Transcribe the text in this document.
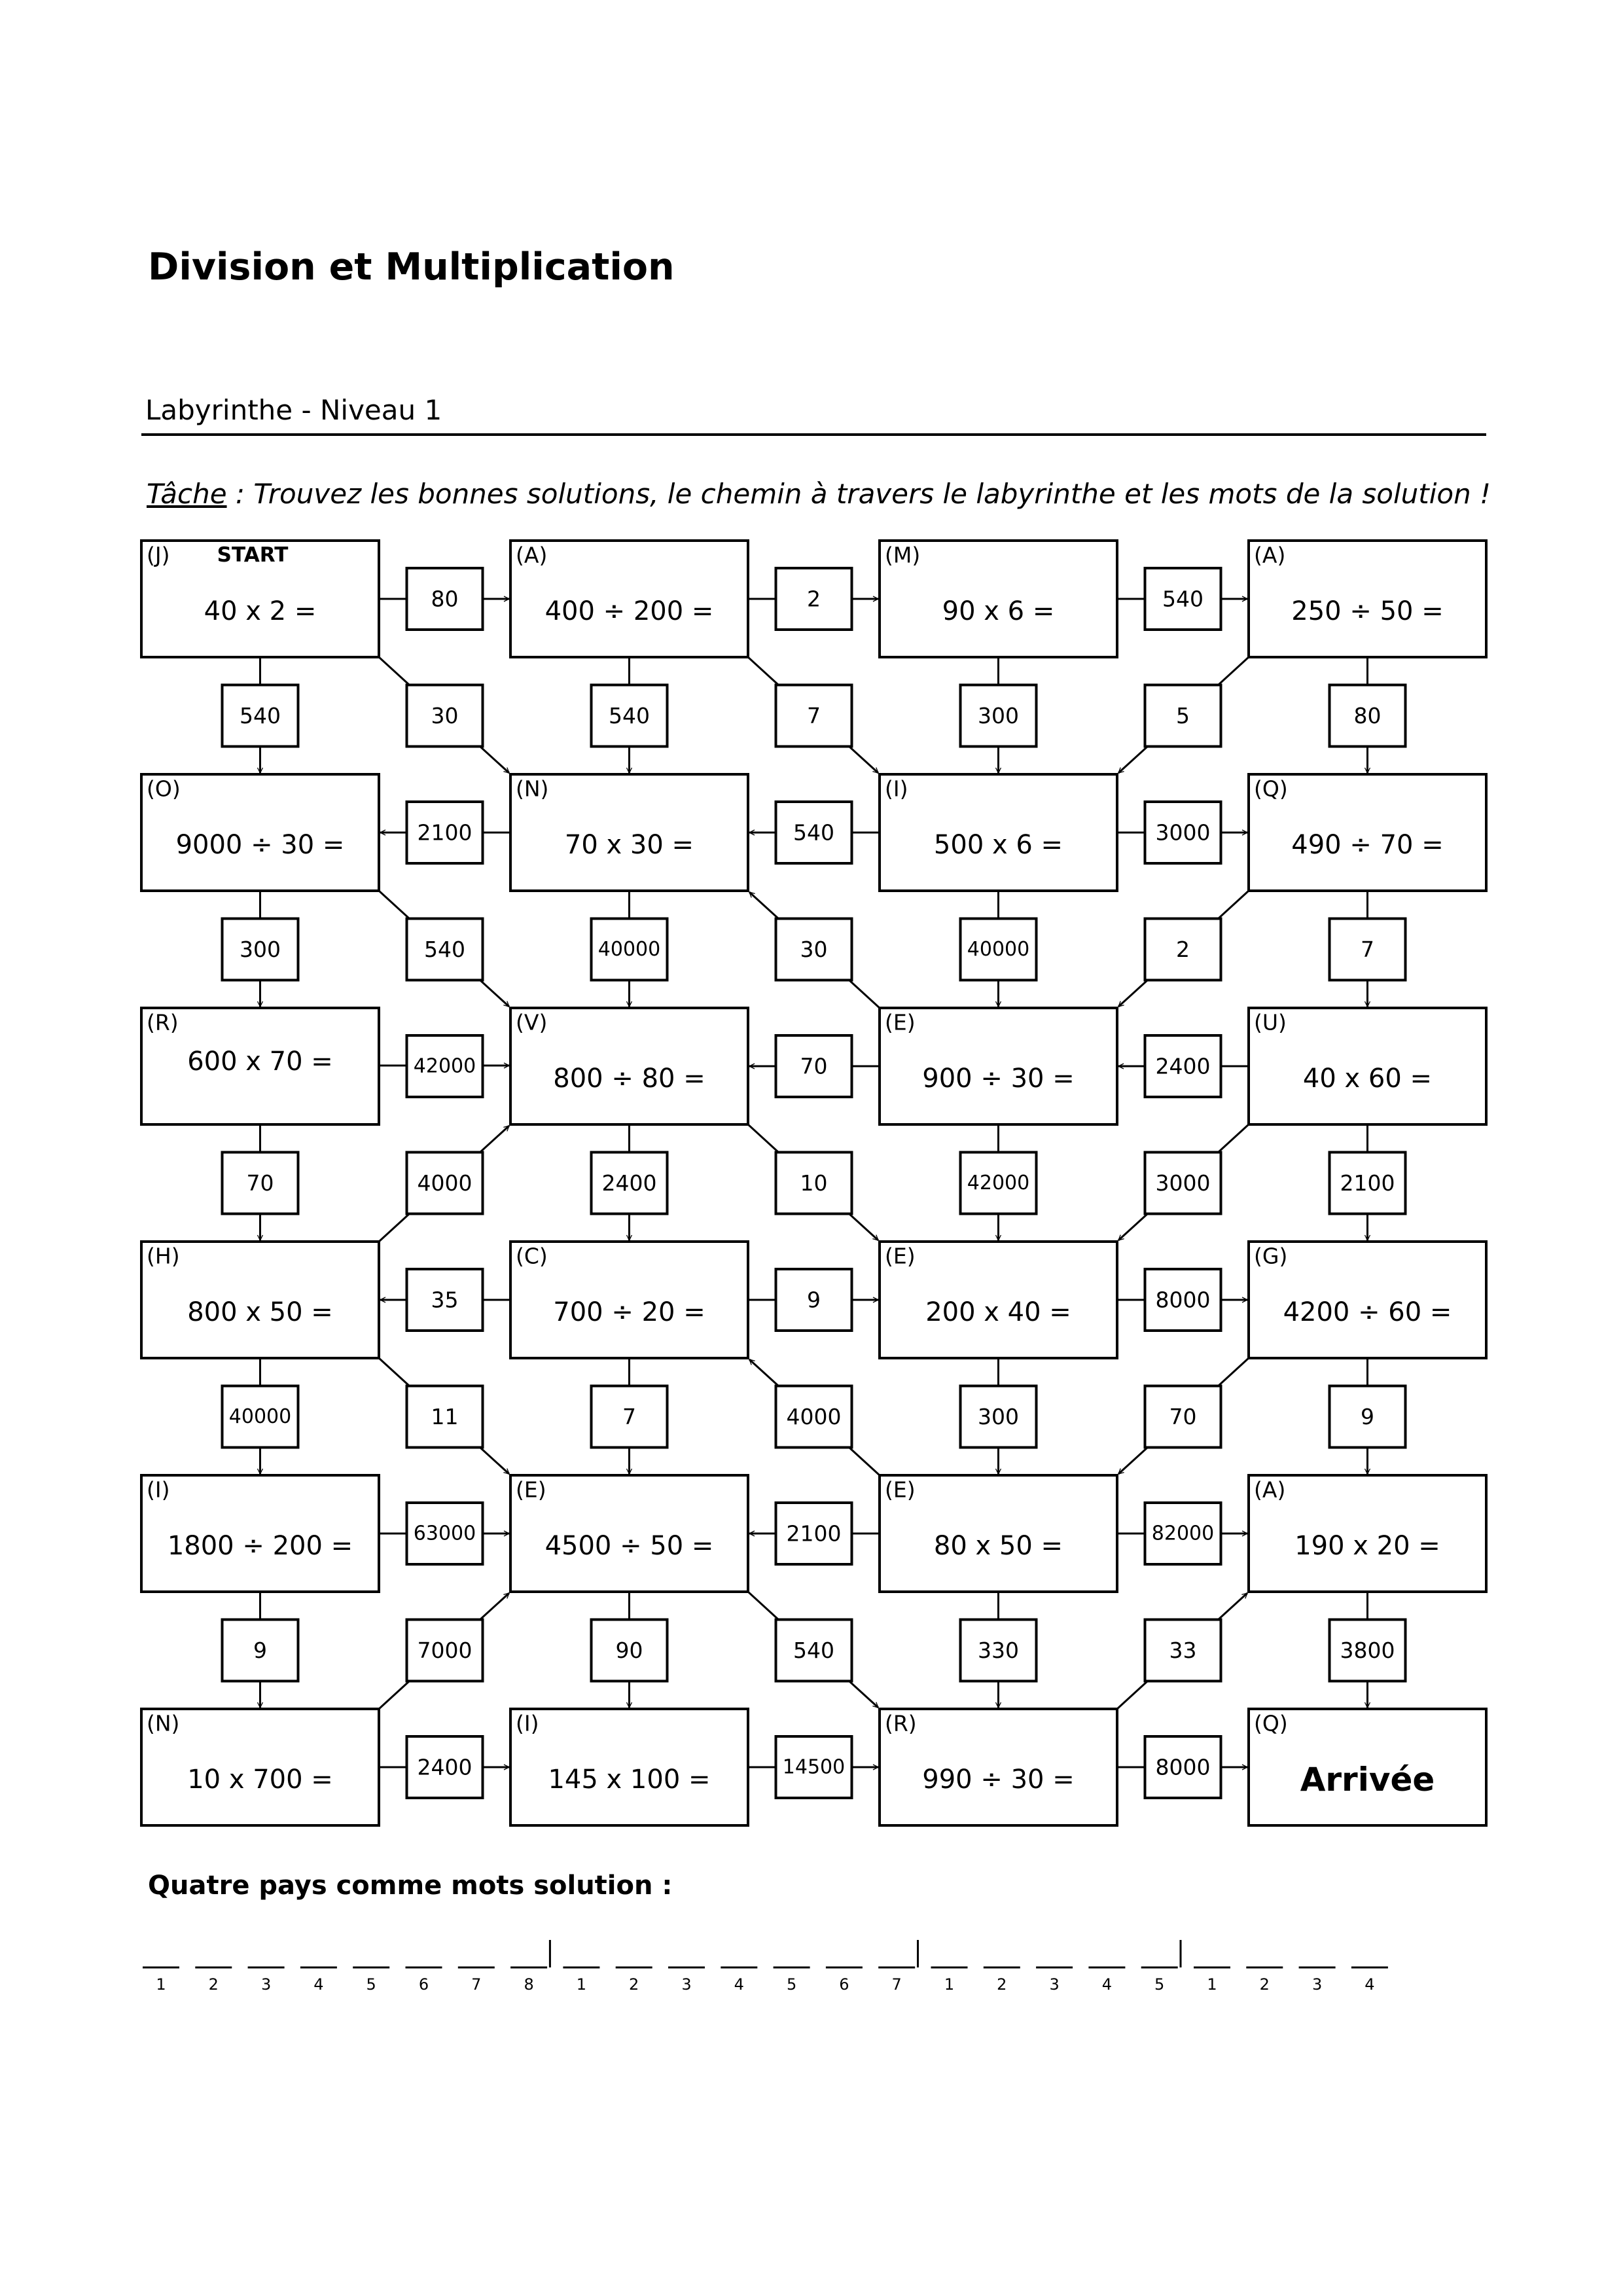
Division et Multiplication
Labyrinthe - Niveau 1
Tâche : Trouvez les bonnes solutions, le chemin à travers le labyrinthe et les mots de la solution !
(J)
40 x 2 =
(A)
400 ÷ 200 =
(M)
90 x 6 =
(A)
250 ÷ 50 =
(O)
9000 ÷ 30 =
(N)
70 x 30 =
(I)
500 x 6 =
(Q)
490 ÷ 70 =
(R)
600 x 70 =
(V)
800 ÷ 80 =
(E)
900 ÷ 30 =
(U)
40 x 60 =
(H)
800 x 50 =
(C)
700 ÷ 20 =
(E)
200 x 40 =
(G)
4200 ÷ 60 =
(I)
1800 ÷ 200 =
(E)
4500 ÷ 50 =
(E)
80 x 50 =
(A)
190 x 20 =
(N)
10 x 700 =
(I)
145 x 100 =
(R)
990 ÷ 30 =
(Q)
Arrivée
START
80	2	540
2100	540	3000
42000	70	2400
35	9	8000
63000	2100	82000
2400	14500	8000
540	540	300	80
300	40000	40000	7
70	2400	42000	2100
40000	7	300	9
9	90	330	3800
30	7	5
540	30	2
4000	10	3000
11	4000	70
7000	540	33
Quatre pays comme mots solution :
1	2	3	4	5	6	7	8	1	2	3	4	5	6	7	1	2	3	4	5	1	2	3	4
